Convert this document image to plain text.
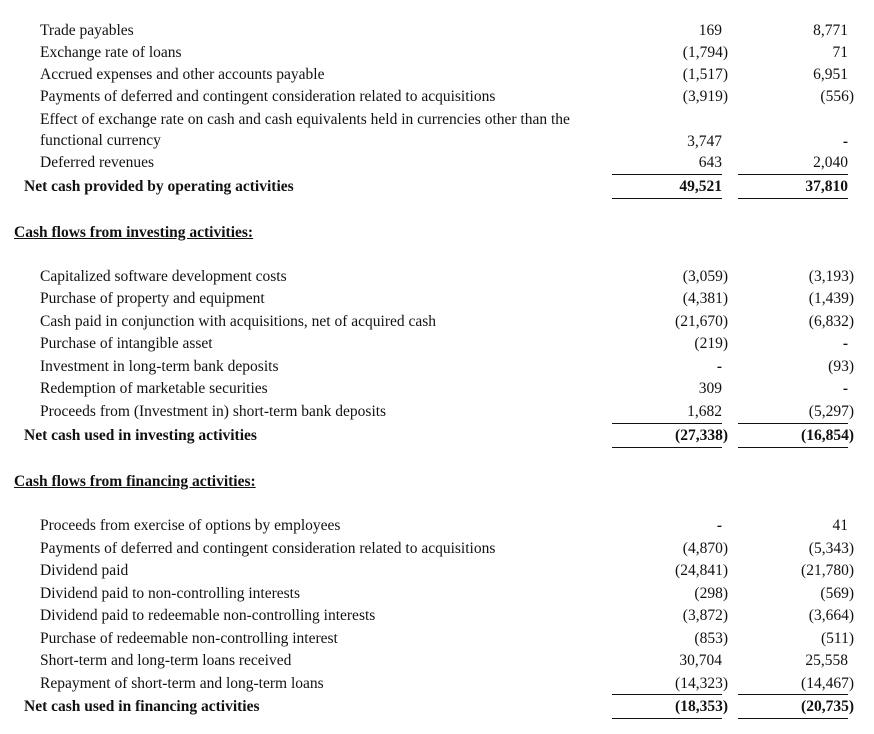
Trade payables	169	8,771
Exchange rate of loans	(1,794)	71
Accrued expenses and other accounts payable	(1,517)	6,951
Payments of deferred and contingent consideration related to acquisitions	(3,919)	(556)
Effect of exchange rate on cash and cash equivalents held in currencies other than the functional currency	3,747	-
Deferred revenues	643	2,040
Net cash provided by operating activities	49,521	37,810
Cash flows from investing activities:
Capitalized software development costs	(3,059)	(3,193)
Purchase of property and equipment	(4,381)	(1,439)
Cash paid in conjunction with acquisitions, net of acquired cash	(21,670)	(6,832)
Purchase of intangible asset	(219)	-
Investment in long-term bank deposits	-	(93)
Redemption of marketable securities	309	-
Proceeds from (Investment in) short-term bank deposits	1,682	(5,297)
Net cash used in investing activities	(27,338)	(16,854)
Cash flows from financing activities:
Proceeds from exercise of options by employees	-	41
Payments of deferred and contingent consideration related to acquisitions	(4,870)	(5,343)
Dividend paid	(24,841)	(21,780)
Dividend paid to non-controlling interests	(298)	(569)
Dividend paid to redeemable non-controlling interests	(3,872)	(3,664)
Purchase of redeemable non-controlling interest	(853)	(511)
Short-term and long-term loans received	30,704	25,558
Repayment of short-term and long-term loans	(14,323)	(14,467)
Net cash used in financing activities	(18,353)	(20,735)
